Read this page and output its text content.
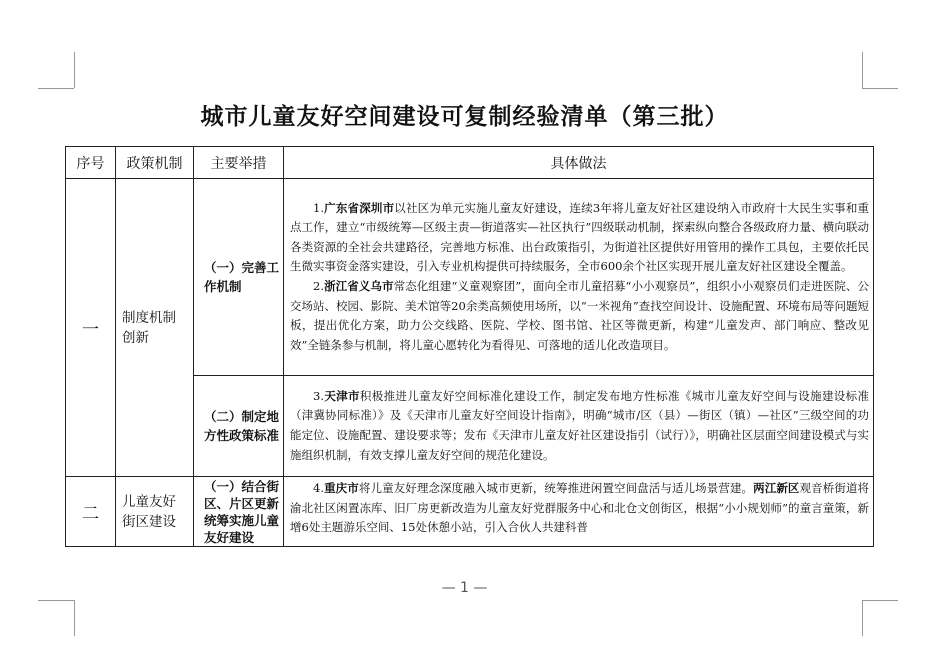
城市儿童友好空间建设可复制经验清单（第三批）
序号	政策机制	主要举措	具体做法
一	制度机制创新	（一）完善工作机制	1.广东省深圳市以社区为单元实施儿童友好建设，连续3年将儿童友好社区建设纳入市政府十大民生实事和重点工作，建立“市级统筹—区级主责—街道落实—社区执行”四级联动机制，探索纵向整合各级政府力量、横向联动各类资源的全社会共建路径，完善地方标准、出台政策指引，为街道社区提供好用管用的操作工具包，主要依托民生微实事资金落实建设，引入专业机构提供可持续服务，全市600余个社区实现开展儿童友好社区建设全覆盖。

2.浙江省义乌市常态化组建“义童观察团”，面向全市儿童招募“小小观察员”，组织小小观察员们走进医院、公交场站、校园、影院、美术馆等20余类高频使用场所，以“一米视角”查找空间设计、设施配置、环境布局等问题短板，提出优化方案，助力公交线路、医院、学校、图书馆、社区等微更新，构建“儿童发声、部门响应、整改见效”全链条参与机制，将儿童心愿转化为看得见、可落地的适儿化改造项目。

		（二）制定地方性政策标准	3.天津市积极推进儿童友好空间标准化建设工作，制定发布地方性标准《城市儿童友好空间与设施建设标准（津冀协同标准）》及《天津市儿童友好空间设计指南》，明确“城市/区（县）—街区（镇）—社区”三级空间的功能定位、设施配置、建设要求等；发布《天津市儿童友好社区建设指引（试行）》，明确社区层面空间建设模式与实施组织机制，有效支撑儿童友好空间的规范化建设。

二	儿童友好街区建设	（一）结合街区、片区更新统筹实施儿童友好建设	4.重庆市将儿童友好理念深度融入城市更新，统筹推进闲置空间盘活与适儿场景营建。两江新区观音桥街道将渝北社区闲置冻库、旧厂房更新改造为儿童友好党群服务中心和北仓文创街区，根据“小小规划师”的童言童策，新增6处主题游乐空间、15处休憩小站，引入合伙人共建科普

— 1 —
